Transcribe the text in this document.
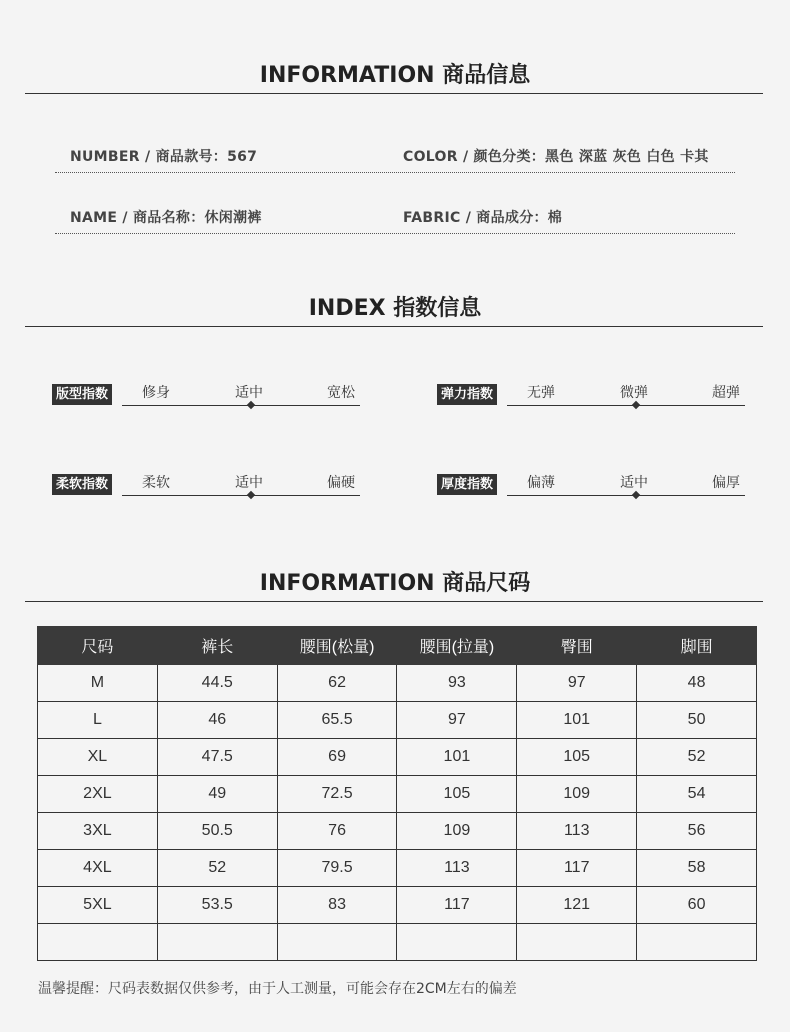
INFORMATION 商品信息
NUMBER / 商品款号：567	COLOR / 颜色分类：黑色 深蓝 灰色 白色 卡其
NAME / 商品名称：休闲潮裤	FABRIC / 商品成分：棉
INDEX 指数信息
版型指数 修身	适中	宽松	弹力指数 无弹	微弹	超弹
柔软指数 柔软	适中	偏硬	厚度指数 偏薄	适中	偏厚
INFORMATION 商品尺码
尺码	裤长	腰围(松量)	腰围(拉量)	臀围	脚围
M	44.5	62	93	97	48
L	46	65.5	97	101	50
XL	47.5	69	101	105	52
2XL	49	72.5	105	109	54
3XL	50.5	76	109	113	56
4XL	52	79.5	113	117	58
5XL	53.5	83	117	121	60

温馨提醒：尺码表数据仅供参考，由于人工测量，可能会存在2CM左右的偏差
